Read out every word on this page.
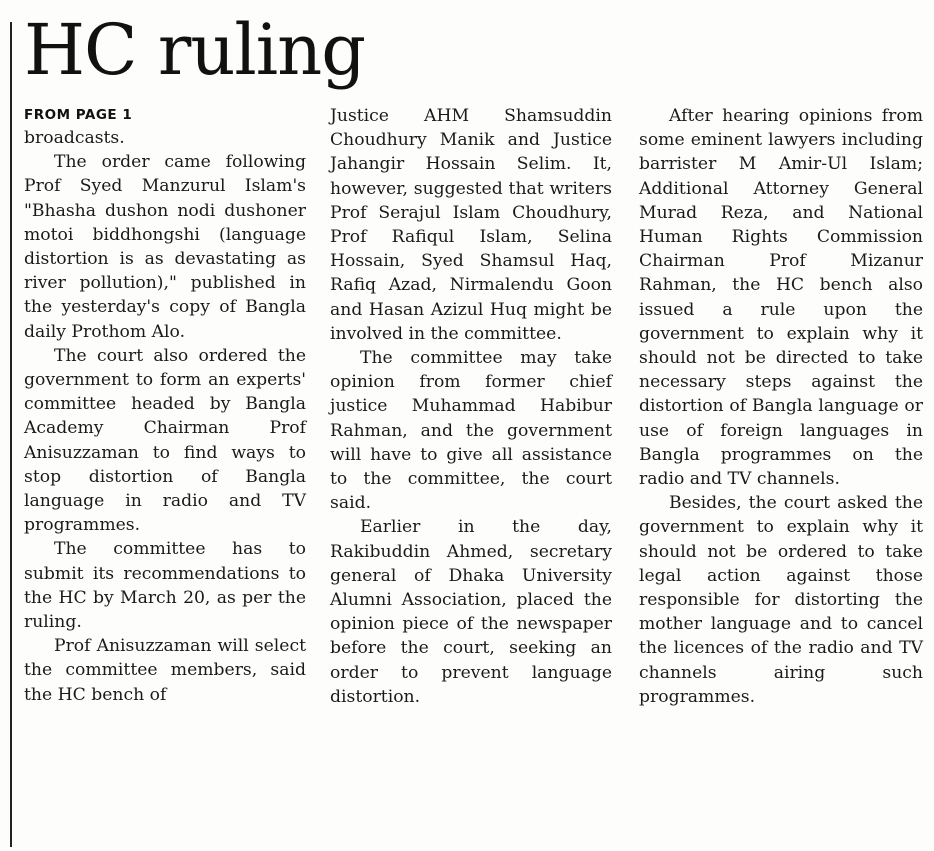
HC ruling
FROM PAGE 1

broadcasts.

The order came following Prof Syed Manzurul Islam's "Bhasha dushon nodi dushoner motoi biddhongshi (language distortion is as devastating as river pollution)," published in the yesterday's copy of Bangla daily Prothom Alo.

The court also ordered the government to form an experts' committee headed by Bangla Academy Chairman Prof Anisuzzaman to find ways to stop distortion of Bangla language in radio and TV programmes.

The committee has to submit its recommendations to the HC by March 20, as per the ruling.

Prof Anisuzzaman will select the committee members, said the HC bench of

Justice AHM Shamsuddin Choudhury Manik and Justice Jahangir Hossain Selim. It, however, suggested that writers Prof Serajul Islam Choudhury, Prof Rafiqul Islam, Selina Hossain, Syed Shamsul Haq, Rafiq Azad, Nirmalendu Goon and Hasan Azizul Huq might be involved in the committee.

The committee may take opinion from former chief justice Muhammad Habibur Rahman, and the government will have to give all assistance to the committee, the court said.

Earlier in the day, Rakibuddin Ahmed, secretary general of Dhaka University Alumni Association, placed the opinion piece of the newspaper before the court, seeking an order to prevent language distortion.

After hearing opinions from some eminent lawyers including barrister M Amir-Ul Islam; Additional Attorney General Murad Reza, and National Human Rights Commission Chairman Prof Mizanur Rahman, the HC bench also issued a rule upon the government to explain why it should not be directed to take necessary steps against the distortion of Bangla language or use of foreign languages in Bangla programmes on the radio and TV channels.

Besides, the court asked the government to explain why it should not be ordered to take legal action against those responsible for distorting the mother language and to cancel the licences of the radio and TV channels airing such programmes.
